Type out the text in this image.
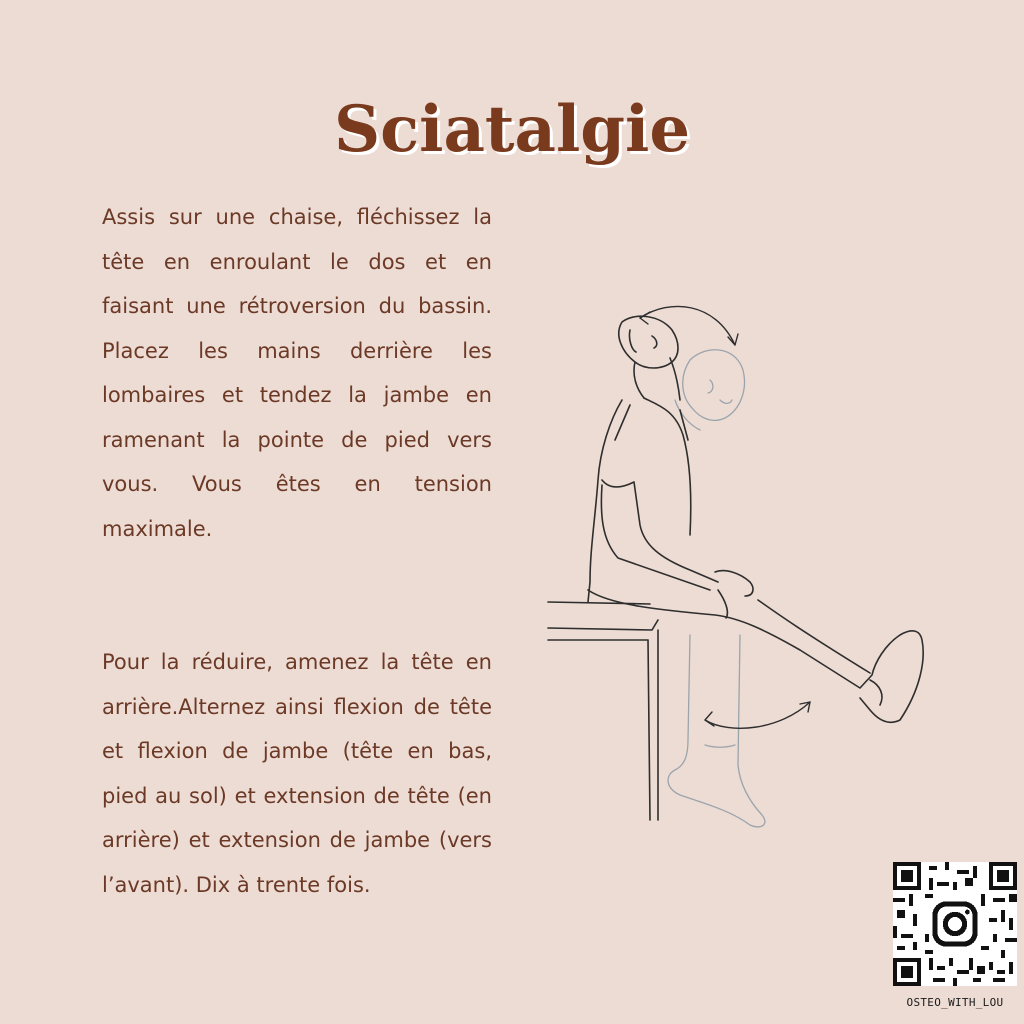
Sciatalgie

Assis sur une chaise, fléchissez la tête en enroulant le dos et en faisant une rétroversion du bassin. Placez les mains derrière les lombaires et tendez la jambe en ramenant la pointe de pied vers vous. Vous êtes en tension maximale.

Pour la réduire, amenez la tête en arrière.Alternez ainsi flexion de tête et flexion de jambe (tête en bas, pied au sol) et extension de tête (en arrière) et extension de jambe (vers l’avant). Dix à trente fois.

OSTEO_WITH_LOU
